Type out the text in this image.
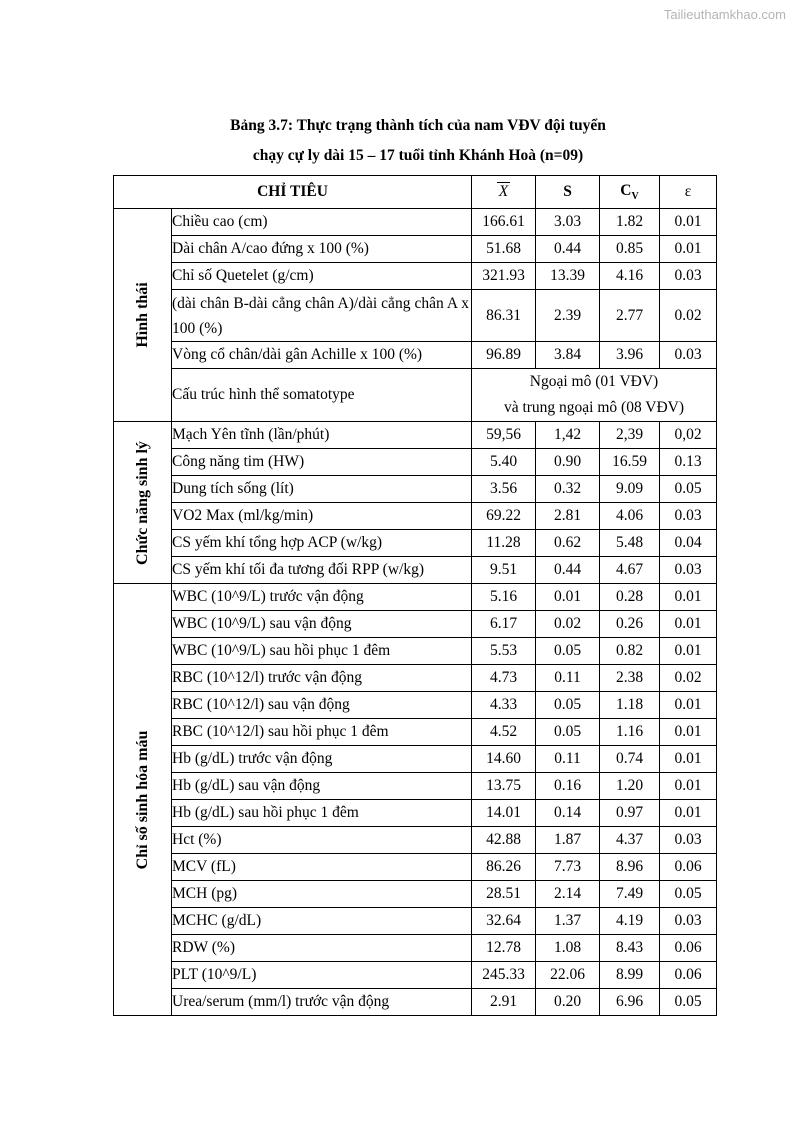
Tailieuthamkhao.com
Bảng 3.7: Thực trạng thành tích của nam VĐV đội tuyển
chạy cự ly dài 15 – 17 tuổi tỉnh Khánh Hoà (n=09)
CHỈ TIÊU		X	S	$C_V$	ε

Hình thái	Chiều cao (cm)	166.61	3.03	1.82	0.01
	Dài chân A/cao đứng x 100 (%)	51.68	0.44	0.85	0.01
	Chỉ số Quetelet (g/cm)	321.93	13.39	4.16	0.03
	(dài chân B-dài cẳng chân A)/dài cẳng chân A x 100 (%)	86.31	2.39	2.77	0.02
	Vòng cổ chân/dài gân Achille x 100 (%)	96.89	3.84	3.96	0.03
	Cấu trúc hình thể somatotype	Ngoại mô (01 VĐV)
và trung ngoại mô (08 VĐV)			

Chức năng sinh lý	Mạch Yên tĩnh (lần/phút)	59,56	1,42	2,39	0,02
	Công năng tim (HW)	5.40	0.90	16.59	0.13
	Dung tích sống (lít)	3.56	0.32	9.09	0.05
	VO2 Max (ml/kg/min)	69.22	2.81	4.06	0.03
	CS yếm khí tổng hợp ACP (w/kg)	11.28	0.62	5.48	0.04
	CS yếm khí tối đa tương đối RPP (w/kg)	9.51	0.44	4.67	0.03

Chỉ số sinh hóa máu	WBC (10^9/L) trước vận động	5.16	0.01	0.28	0.01
	WBC (10^9/L) sau vận động	6.17	0.02	0.26	0.01
	WBC (10^9/L) sau hồi phục 1 đêm	5.53	0.05	0.82	0.01
	RBC (10^12/l) trước vận động	4.73	0.11	2.38	0.02
	RBC (10^12/l) sau vận động	4.33	0.05	1.18	0.01
	RBC (10^12/l) sau hồi phục 1 đêm	4.52	0.05	1.16	0.01
	Hb (g/dL) trước vận động	14.60	0.11	0.74	0.01
	Hb (g/dL) sau vận động	13.75	0.16	1.20	0.01
	Hb (g/dL) sau hồi phục 1 đêm	14.01	0.14	0.97	0.01
	Hct (%)	42.88	1.87	4.37	0.03
	MCV (fL)	86.26	7.73	8.96	0.06
	MCH (pg)	28.51	2.14	7.49	0.05
	MCHC (g/dL)	32.64	1.37	4.19	0.03
	RDW (%)	12.78	1.08	8.43	0.06
	PLT (10^9/L)	245.33	22.06	8.99	0.06
	Urea/serum (mm/l) trước vận động	2.91	0.20	6.96	0.05
